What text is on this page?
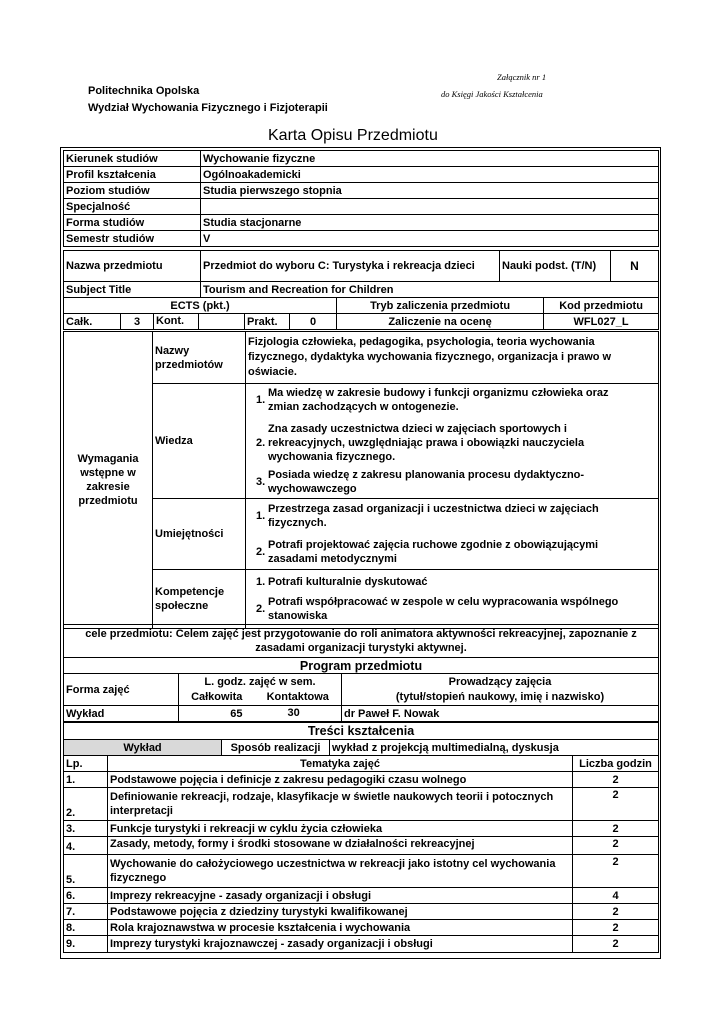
Załącznik nr 1
do Księgi Jakości Kształcenia
Politechnika Opolska
Wydział Wychowania Fizycznego i Fizjoterapii
Karta Opisu Przedmiotu
Kierunek studiów	Wychowanie fizyczne
Profil kształcenia	Ogólnoakademicki
Poziom studiów	Studia pierwszego stopnia
Specjalność	
Forma studiów	Studia stacjonarne
Semestr studiów	V
Nazwa przedmiotu	Przedmiot do wyboru C: Turystyka i rekreacja dzieci	Nauki podst. (T/N)	N
Subject Title	Tourism and Recreation for Children
ECTS (pkt.)					Tryb zaliczenia przedmiotu	Kod przedmiotu
Całk.	3	Kont.	Prakt.	0	Zaliczenie na ocenę	WFL027_L
Wymagania wstępne w zakresie przedmiotu	Nazwy przedmiotów	Fizjologia człowieka, pedagogika, psychologia, teoria wychowania fizycznego, dydaktyka wychowania fizycznego, organizacja i prawo w oświacie.
	Wiedza	1.Ma wiedzę w zakresie budowy i funkcji organizmu człowieka oraz zmian zachodzących w ontogenezie.
2.Zna zasady uczestnictwa dzieci w zajęciach sportowych i rekreacyjnych, uwzględniając prawa i obowiązki nauczyciela wychowania fizycznego.
3.Posiada wiedzę z zakresu planowania procesu dydaktyczno-wychowawczego

	Umiejętności	1.Przestrzega zasad organizacji i uczestnictwa dzieci w zajęciach fizycznych.
2.Potrafi projektować zajęcia ruchowe zgodnie z obowiązującymi zasadami metodycznymi

	Kompetencje społeczne	1. Potrafi kulturalnie dyskutować
2.Potrafi współpracować w zespole w celu wypracowania wspólnego stanowiska
cele przedmiotu: Celem zajęć jest przygotowanie do roli animatora aktywności rekreacyjnej, zapoznanie z zasadami organizacji turystyki aktywnej.
Program przedmiotu			
Forma zajęć	L. godz. zajęć w sem.		Prowadzący zajęcia
	Całkowita	Kontaktowa	(tytuł/stopień naukowy, imię i nazwisko)
Wykład	65	30	dr Paweł F. Nowak
Treści kształcenia				
Wykład		Sposób realizacji	wykład z projekcją multimedialną, dyskusja	
Lp.	Tematyka zajęć			Liczba godzin
1.	Podstawowe pojęcia i definicje z zakresu pedagogiki czasu wolnego			2
2.	Definiowanie rekreacji, rodzaje, klasyfikacje w świetle naukowych teorii i potocznych interpretacji			2
3.	Funkcje turystyki i rekreacji w cyklu życia człowieka			2
4.	Zasady, metody, formy i środki stosowane w działalności rekreacyjnej			2
5.	Wychowanie do całożyciowego uczestnictwa w rekreacji jako istotny cel wychowania fizycznego			2
6.	Imprezy rekreacyjne - zasady organizacji i obsługi			4
7.	Podstawowe pojęcia z dziedziny turystyki kwalifikowanej			2
8.	Rola krajoznawstwa w procesie kształcenia i wychowania			2
9.	Imprezy turystyki krajoznawczej - zasady organizacji i obsługi			2
